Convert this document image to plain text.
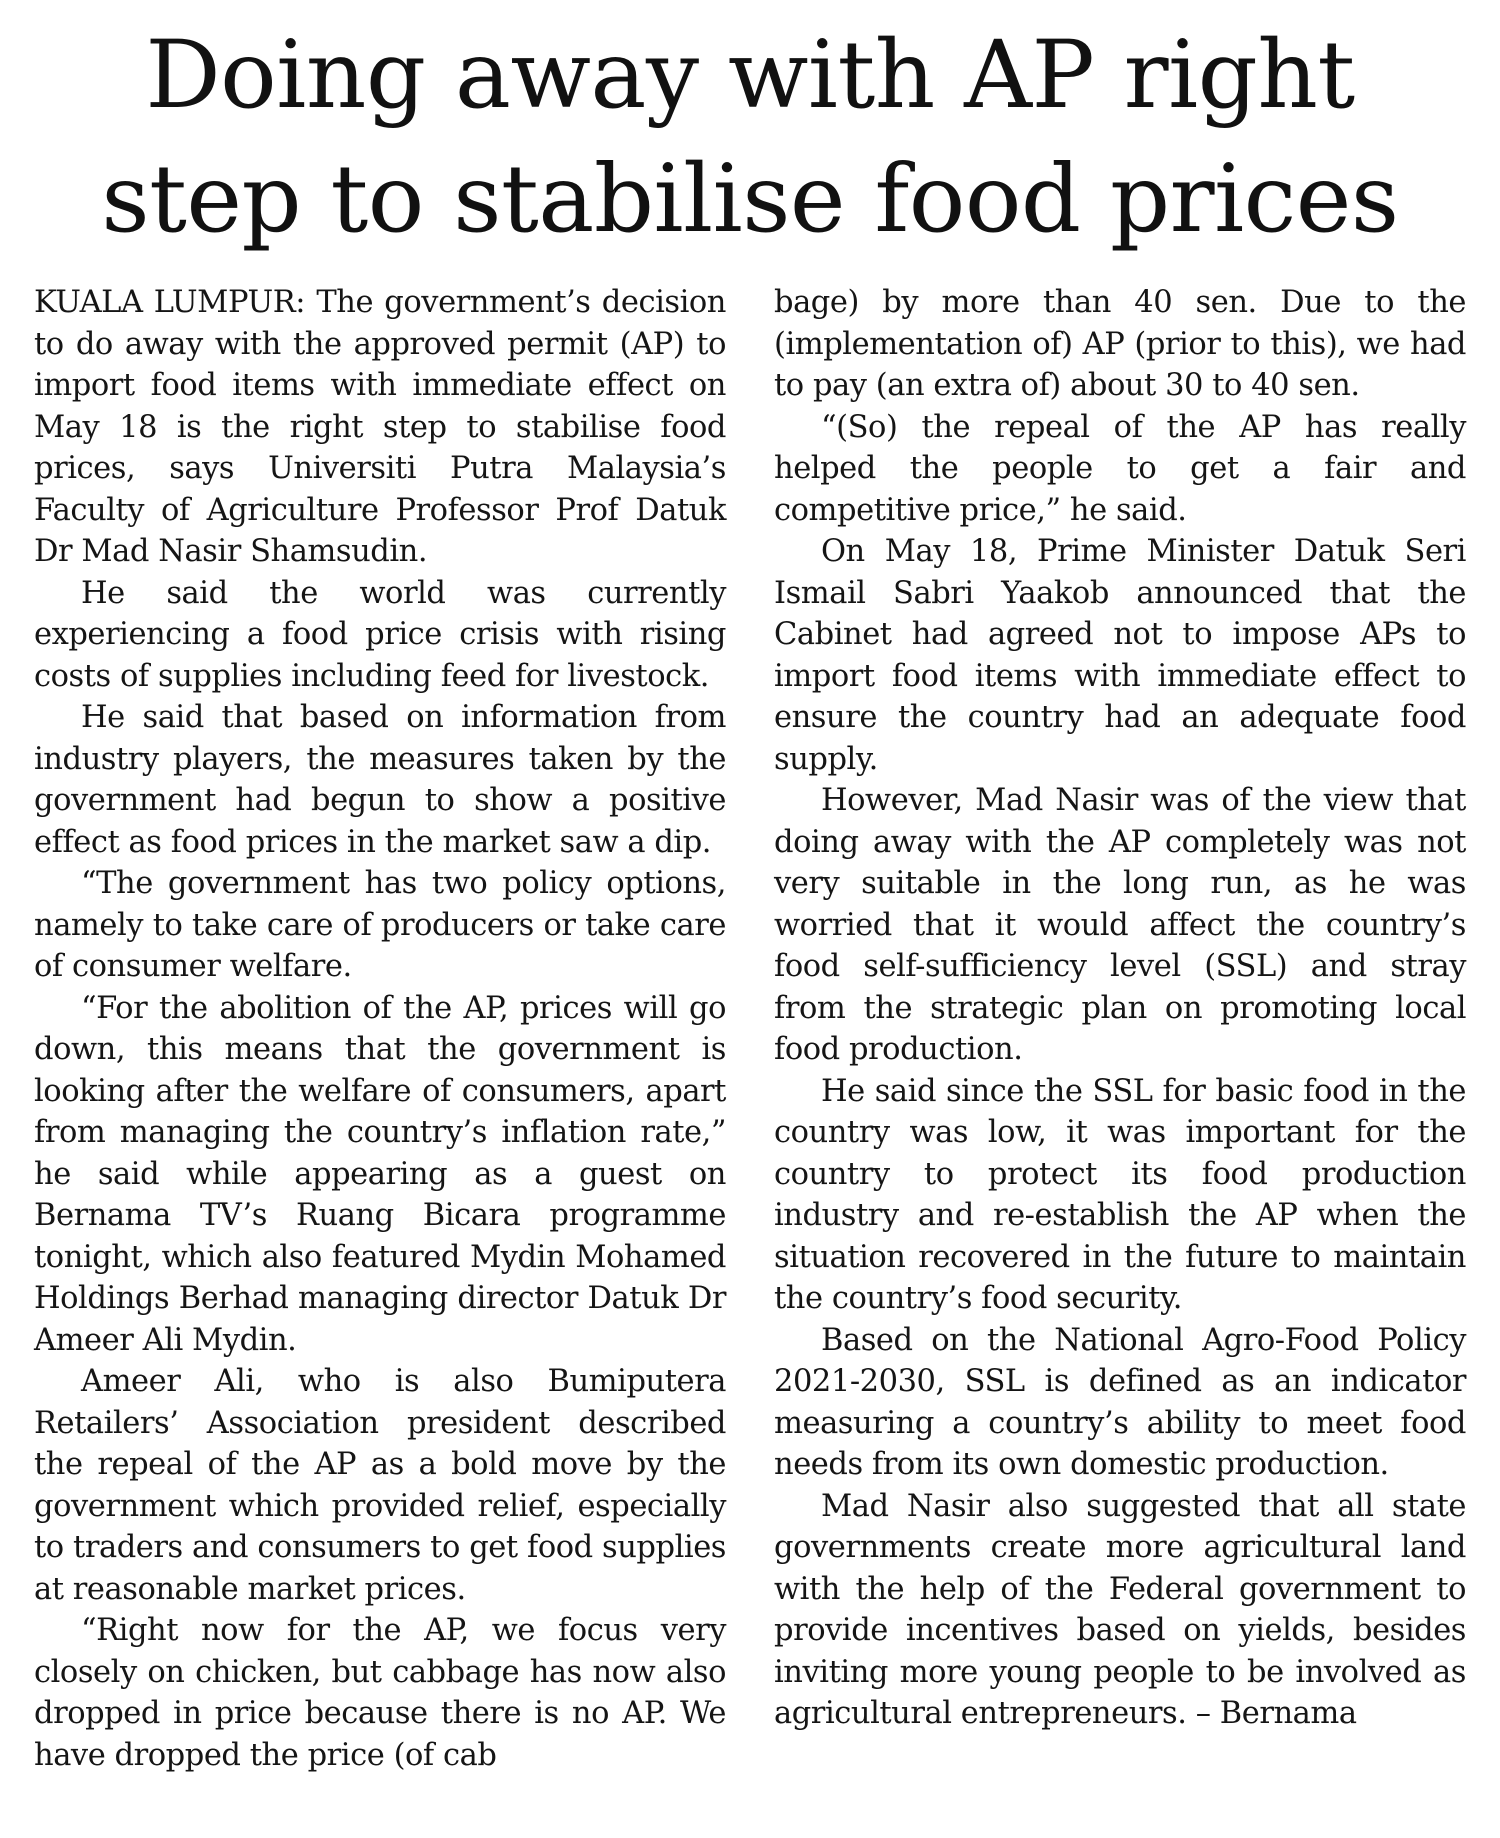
Doing away with AP right
step to stabilise food prices

KUALA LUMPUR: The government’s decision to do away with the approved permit (AP) to import food items with immediate effect on May 18 is the right step to stabilise food prices, says Universiti Putra Malaysia’s Faculty of Agriculture Professor Prof Datuk Dr Mad Nasir Shamsudin.

He said the world was currently experiencing a food price crisis with rising costs of supplies including feed for livestock.

He said that based on information from industry players, the measures taken by the government had begun to show a positive effect as food prices in the market saw a dip.

“The government has two policy options, namely to take care of producers or take care of consumer welfare.

“For the abolition of the AP, prices will go down, this means that the government is looking after the welfare of consumers, apart from managing the country’s inflation rate,” he said while appearing as a guest on Bernama TV’s Ruang Bicara programme tonight, which also featured Mydin Mohamed Holdings Berhad managing director Datuk Dr Ameer Ali Mydin.

Ameer Ali, who is also Bumiputera Retailers’ Association president described the repeal of the AP as a bold move by the government which provided relief, especially to traders and consumers to get food supplies at reasonable market prices.

“Right now for the AP, we focus very closely on chicken, but cabbage has now also dropped in price because there is no AP. We have dropped the price (of cab

bage) by more than 40 sen. Due to the (implementation of) AP (prior to this), we had to pay (an extra of) about 30 to 40 sen.

“(So) the repeal of the AP has really helped the people to get a fair and competitive price,” he said.

On May 18, Prime Minister Datuk Seri Ismail Sabri Yaakob announced that the Cabinet had agreed not to impose APs to import food items with immediate effect to ensure the country had an adequate food supply.

However, Mad Nasir was of the view that doing away with the AP completely was not very suitable in the long run, as he was worried that it would affect the country’s food self-sufficiency level (SSL) and stray from the strategic plan on promoting local food production.

He said since the SSL for basic food in the country was low, it was important for the country to protect its food production industry and re-establish the AP when the situation recovered in the future to maintain the country’s food security.

Based on the National Agro-Food Policy 2021-2030, SSL is defined as an indicator measuring a country’s ability to meet food needs from its own domestic production.

Mad Nasir also suggested that all state governments create more agricultural land with the help of the Federal government to provide incentives based on yields, besides inviting more young people to be involved as agricultural entrepreneurs. – Bernama
